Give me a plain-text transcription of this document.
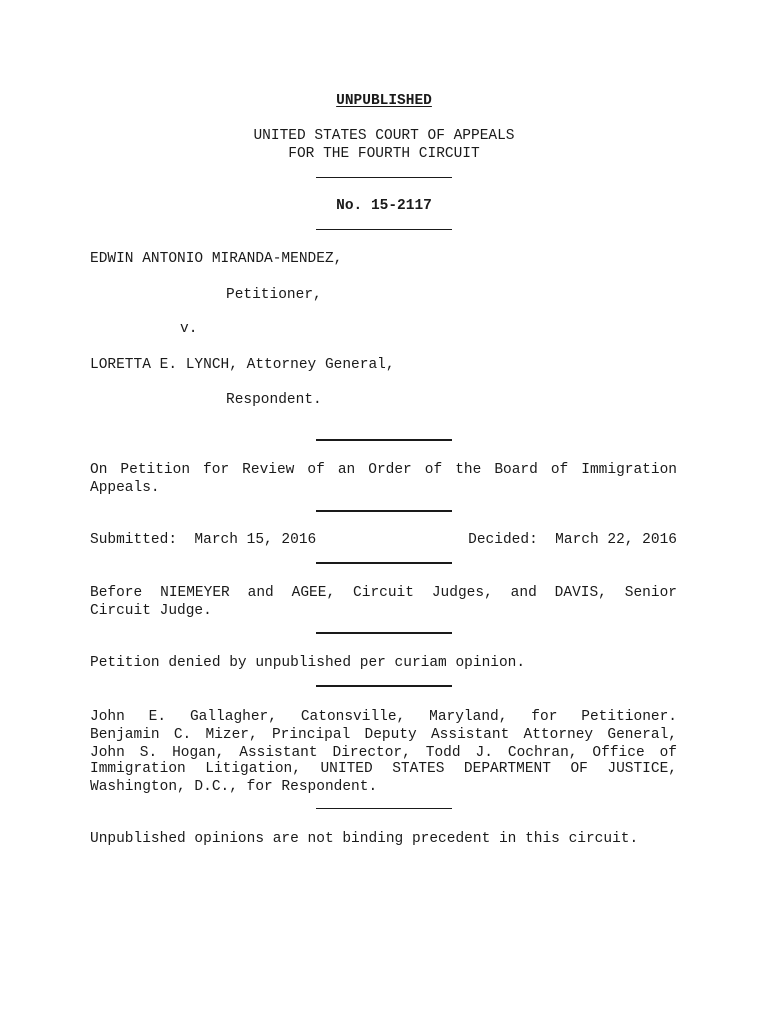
UNPUBLISHED
UNITED STATES COURT OF APPEALS
FOR THE FOURTH CIRCUIT
No. 15-2117
EDWIN ANTONIO MIRANDA-MENDEZ,
Petitioner,
v.
LORETTA E. LYNCH, Attorney General,
Respondent.
On Petition for Review of an Order of the Board of Immigration
Appeals.
Submitted:  March 15, 2016	Decided:  March 22, 2016
Before NIEMEYER and AGEE, Circuit Judges, and DAVIS, Senior
Circuit Judge.
Petition denied by unpublished per curiam opinion.
John E. Gallagher, Catonsville, Maryland, for Petitioner.
Benjamin C. Mizer, Principal Deputy Assistant Attorney General,
John S. Hogan, Assistant Director, Todd J. Cochran, Office of
Immigration Litigation, UNITED STATES DEPARTMENT OF JUSTICE,
Washington, D.C., for Respondent.
Unpublished opinions are not binding precedent in this circuit.
